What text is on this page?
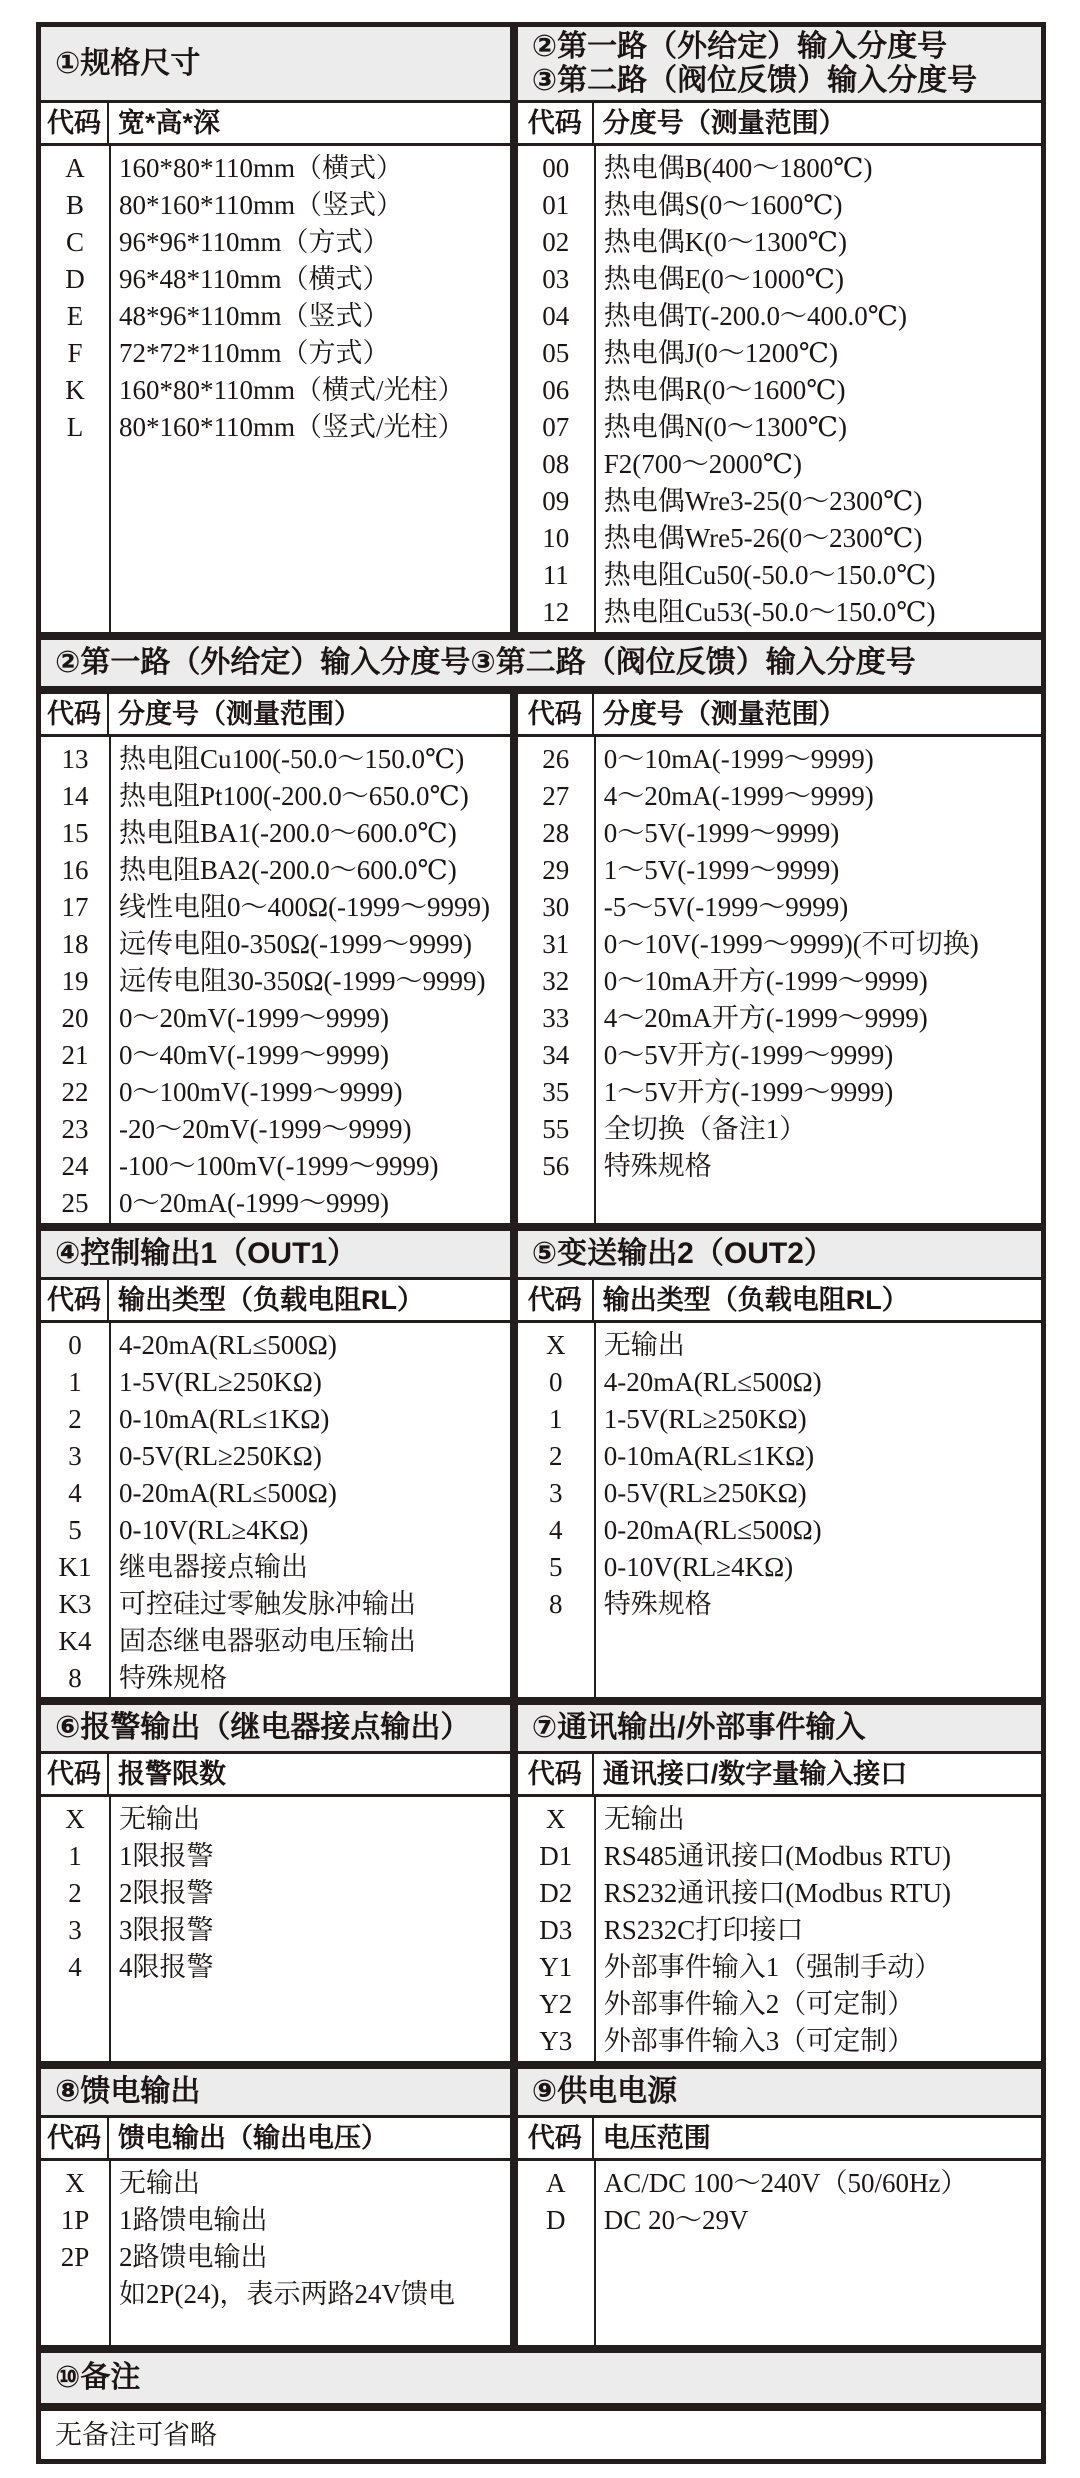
①规格尺寸
代码 宽*高*深
A	160*80*110mm（横式）
B	80*160*110mm（竖式）
C	96*96*110mm（方式）
D	96*48*110mm（横式）
E	48*96*110mm（竖式）
F	72*72*110mm（方式）
K	160*80*110mm（横式/光柱）
L	80*160*110mm（竖式/光柱）
②第一路（外给定）输入分度号
③第二路（阀位反馈）输入分度号
代码 分度号（测量范围）
00	热电偶B(400～1800℃)
01	热电偶S(0～1600℃)
02	热电偶K(0～1300℃)
03	热电偶E(0～1000℃)
04	热电偶T(-200.0～400.0℃)
05	热电偶J(0～1200℃)
06	热电偶R(0～1600℃)
07	热电偶N(0～1300℃)
08	F2(700～2000℃)
09	热电偶Wre3-25(0～2300℃)
10	热电偶Wre5-26(0～2300℃)
11	热电阻Cu50(-50.0～150.0℃)
12	热电阻Cu53(-50.0～150.0℃)
②第一路（外给定）输入分度号③第二路（阀位反馈）输入分度号
代码 分度号（测量范围）
13	热电阻Cu100(-50.0～150.0℃)
14	热电阻Pt100(-200.0～650.0℃)
15	热电阻BA1(-200.0～600.0℃)
16	热电阻BA2(-200.0～600.0℃)
17	线性电阻0～400Ω(-1999～9999)
18	远传电阻0-350Ω(-1999～9999)
19	远传电阻30-350Ω(-1999～9999)
20	0～20mV(-1999～9999)
21	0～40mV(-1999～9999)
22	0～100mV(-1999～9999)
23	-20～20mV(-1999～9999)
24	-100～100mV(-1999～9999)
25	0～20mA(-1999～9999)
代码 分度号（测量范围）
26	0～10mA(-1999～9999)
27	4～20mA(-1999～9999)
28	0～5V(-1999～9999)
29	1～5V(-1999～9999)
30	-5～5V(-1999～9999)
31	0～10V(-1999～9999)(不可切换)
32	0～10mA开方(-1999～9999)
33	4～20mA开方(-1999～9999)
34	0～5V开方(-1999～9999)
35	1～5V开方(-1999～9999)
55	全切换（备注1）
56	特殊规格
④控制输出1（OUT1）
代码 输出类型（负载电阻RL）
0	4-20mA(RL≤500Ω)
1	1-5V(RL≥250KΩ)
2	0-10mA(RL≤1KΩ)
3	0-5V(RL≥250KΩ)
4	0-20mA(RL≤500Ω)
5	0-10V(RL≥4KΩ)
K1	继电器接点输出
K3	可控硅过零触发脉冲输出
K4	固态继电器驱动电压输出
8	特殊规格
⑤变送输出2（OUT2）
代码 输出类型（负载电阻RL）
X	无输出
0	4-20mA(RL≤500Ω)
1	1-5V(RL≥250KΩ)
2	0-10mA(RL≤1KΩ)
3	0-5V(RL≥250KΩ)
4	0-20mA(RL≤500Ω)
5	0-10V(RL≥4KΩ)
8	特殊规格
⑥报警输出（继电器接点输出）
代码 报警限数
X	无输出
1	1限报警
2	2限报警
3	3限报警
4	4限报警
⑦通讯输出/外部事件输入
代码 通讯接口/数字量输入接口
X	无输出
D1	RS485通讯接口(Modbus RTU)
D2	RS232通讯接口(Modbus RTU)
D3	RS232C打印接口
Y1	外部事件输入1（强制手动）
Y2	外部事件输入2（可定制）
Y3	外部事件输入3（可定制）
⑧馈电输出
代码 馈电输出（输出电压）
X	无输出
1P	1路馈电输出
2P	2路馈电输出
如2P(24)，表示两路24V馈电
⑨供电电源
代码 电压范围
A	AC/DC 100～240V（50/60Hz）
D	DC 20～29V
⑩备注
无备注可省略
